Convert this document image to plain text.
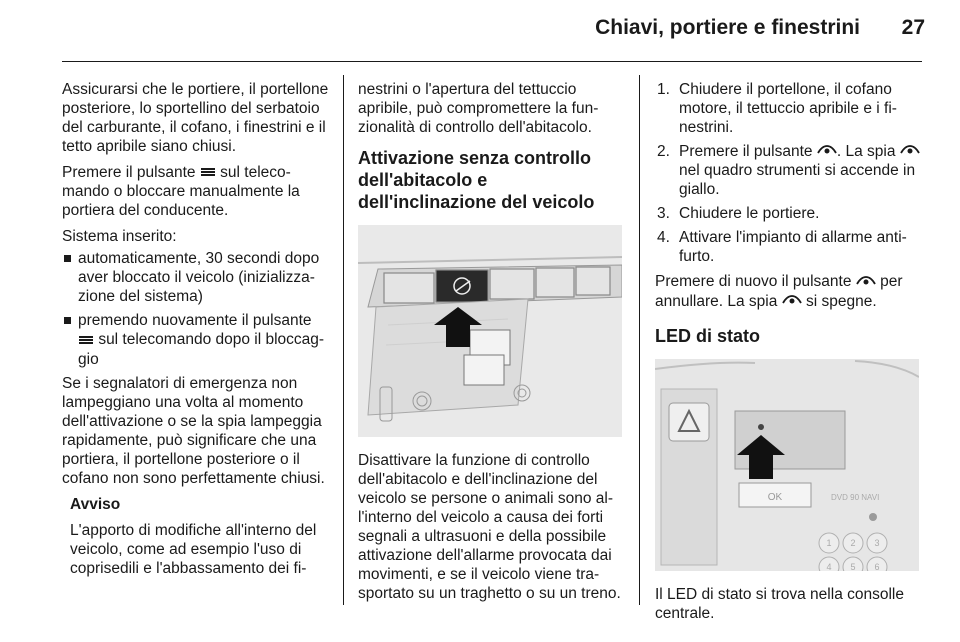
Chiavi, portiere e finestrini	27

Assicurarsi che le portiere, il portellone posteriore, lo sportellino del serbatoio del carburante, il cofano, i finestrini e il tetto apribile siano chiusi.

Premere il pulsante sul telecomando o bloccare manualmente la portiera del conducente.

Sistema inserito:

automaticamente, 30 secondi dopo aver bloccato il veicolo (inizializzazione del sistema)
premendo nuovamente il pulsante  sul telecomando dopo il bloccaggio

Se i segnalatori di emergenza non lampeggiano una volta al momento dell'attivazione o se la spia lampeggia rapidamente, può significare che una portiera, il portellone posteriore o il cofano non sono perfettamente chiusi.

Avviso

L'apporto di modifiche all'interno del veicolo, come ad esempio l'uso di coprisedili e l'abbassamento dei fi-

nestrini o l'apertura del tettuccio apribile, può compromettere la funzionalità di controllo dell'abitacolo.

Attivazione senza controllo dell'abitacolo e dell'inclinazione del veicolo

Disattivare la funzione di controllo dell'abitacolo e dell'inclinazione del veicolo se persone o animali sono all'interno del veicolo a causa dei forti segnali a ultrasuoni e della possibile attivazione dell'allarme provocata dai movimenti, e se il veicolo viene trasportato su un traghetto o su un treno.

1. Chiudere il portellone, il cofano motore, il tettuccio apribile e i finestrini.
2. Premere il pulsante . La spia  nel quadro strumenti si accende in giallo.
3. Chiudere le portiere.
4. Attivare l'impianto di allarme antifurto.

Premere di nuovo il pulsante per annullare. La spia si spegne.

LED di stato
OK	DVD 90 NAVI
1 2 3
4 5 6

Il LED di stato si trova nella consolle centrale.
